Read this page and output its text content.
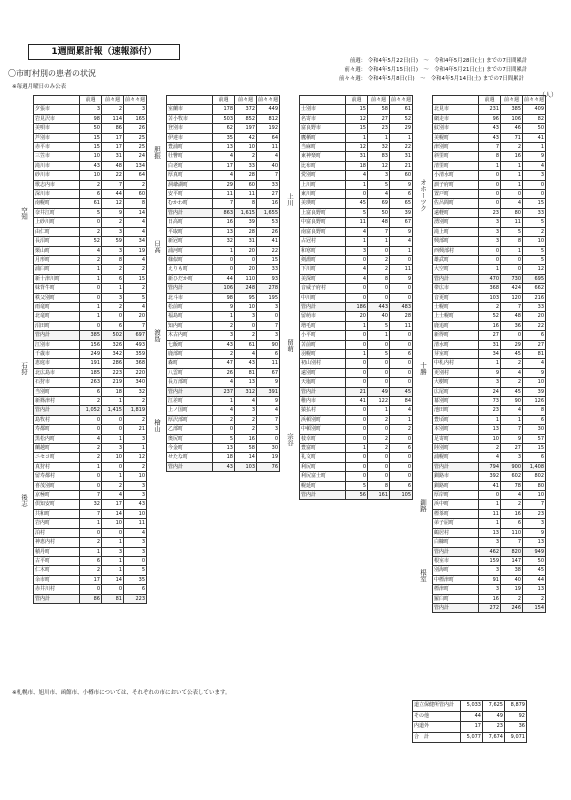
1週間累計報（速報添付）
前週： 令和4年5月22日(日)　～　令和4年5月28日(土) までの7日間累計
前々週： 令和4年5月15日(日)　～　令和4年5月21日(土) までの7日間累計
前々々週： 令和4年5月8日(日)　～　令和4年5月14日(土) までの7日間累計
〇市町村別の患者の状況
※毎週月曜日のみ公表
（人）
	前週	前々週	前々々週
夕張市	3	2	3
岩見沢市	98	114	165
美唄市	50	86	26
芦別市	15	17	25
赤平市	15	17	25
三笠市	10	31	24
滝川市	43	48	134
砂川市	10	22	64
歌志内市	2	7	2
深川市	6	44	60
南幌町	61	12	8
奈井江町	5	9	14
上砂川町	0	2	4
由仁町	2	3	4
長沼町	52	59	34
栗山町	4	3	19
月形町	2	8	4
浦臼町	1	2	2
新十津川町	1	6	15
妹背牛町	0	1	2
秩父別町	0	3	5
雨竜町	1	2	4
北竜町	1	0	20
沼田町	0	6	7
管内計	385	502	697
江別市	156	326	493
千歳市	249	342	359
恵庭市	191	286	368
北広島市	185	223	220
石狩市	263	219	340
当別町	6	18	32
新篠津村	2	1	2
管内計	1,052	1,415	1,819
島牧村	0	0	2
寿都町	0	0	21
黒松内町	4	1	3
蘭越町	2	3	1
ニセコ町	2	10	12
真狩村	1	0	2
留寿都村	0	1	10
喜茂別町	0	2	3
京極町	7	4	3
倶知安町	32	17	43
共和町	7	14	10
岩内町	1	10	11
泊村	0	0	4
神恵内村	2	1	3
積丹町	1	3	3
古平町	6	1	0
仁木町	2	1	5
余市町	17	14	35
赤井川村	0	0	6
管内計	86	81	223
空知
石狩
後志
	前週	前々週	前々々週
室蘭市	178	372	449
苫小牧市	503	852	812
登別市	62	197	192
伊達市	35	42	64
豊浦町	13	10	11
壮瞥町	4	2	4
白老町	17	33	40
厚真町	4	28	7
洞爺湖町	29	60	33
安平町	11	11	27
むかわ町	7	8	16
管内計	863	1,615	1,655
日高町	16	39	53
平取町	13	28	26
新冠町	32	31	41
浦河町	1	20	22
様似町	0	0	15
えりも町	0	20	33
新ひだか町	44	110	93
管内計	106	248	278
北斗市	98	95	195
松前町	9	10	3
福島町	1	3	0
知内町	2	0	7
木古内町	3	2	3
七飯町	43	61	90
鹿部町	2	4	6
森町	47	43	11
八雲町	26	81	67
長万部町	4	13	9
管内計	237	312	391
江差町	1	4	9
上ノ国町	4	3	4
厚沢部町	2	2	7
乙部町	0	2	3
奥尻町	5	16	0
今金町	13	58	30
せたな町	18	14	19
管内計	43	103	76
胆振
日高
渡島
檜山
	前週	前々週	前々々週
士別市	15	58	61
名寄市	12	27	52
富良野市	15	23	29
鷹栖町	1	1	1
当麻町	12	32	22
東神楽町	31	83	31
比布町	18	12	21
愛別町	4	3	60
上川町	1	5	9
東川町	0	4	6
美瑛町	45	69	65
上富良野町	5	50	39
中富良野町	11	48	67
南富良野町	4	7	9
占冠村	1	1	4
和寒町	3	0	1
剣淵町	0	2	0
下川町	4	2	11
美深町	4	8	9
音威子府村	0	0	0
中川町	0	0	0
管内計	186	443	483
留萌市	20	40	28
増毛町	1	5	11
小平町	0	1	0
苫前町	0	0	0
羽幌町	1	5	6
初山別村	0	0	0
遠別町	0	0	0
天塩町	0	0	0
管内計	21	49	45
稚内市	41	122	84
猿払村	0	1	4
浜頓別町	0	2	1
中頓別町	0	0	2
枝幸町	0	2	0
豊富町	1	2	6
礼文町	0	0	0
利尻町	0	0	0
利尻富士町	0	0	0
幌延町	5	8	6
管内計	56	161	105
上川
留萌
宗谷
	前週	前々週	前々々週
北見市	231	385	409
網走市	96	106	82
紋別市	43	46	50
美幌町	43	71	41
津別町	7	2	1
斜里町	8	16	9
清里町	1	1	4
小清水町	0	1	3
訓子府町	0	1	0
置戸町	0	0	0
佐呂間町	0	4	15
遠軽町	23	80	33
湧別町	3	11	5
滝上町	3	5	2
興部町	3	8	10
西興部村	0	1	5
雄武町	0	0	5
大空町	1	0	12
管内計	470	730	695
帯広市	368	424	662
音更町	103	120	216
士幌町	2	7	33
上士幌町	52	48	20
鹿追町	16	36	22
新得町	27	0	6
清水町	31	29	27
芽室町	34	45	81
中札内村	1	2	4
更別村	9	4	9
大樹町	3	2	10
広尾町	24	45	39
幕別町	73	90	126
池田町	23	4	8
豊頃町	1	1	6
本別町	13	7	30
足寄町	10	9	57
陸別町	2	27	15
浦幌町	4	3	6
管内計	794	900	1,408
釧路市	392	602	802
釧路町	41	78	80
厚岸町	0	4	10
浜中町	1	2	7
標茶町	11	16	23
弟子屈町	1	6	3
鶴居村	13	110	9
白糠町	3	7	13
管内計	462	820	949
根室市	159	147	50
別海町	3	38	45
中標津町	91	40	44
標津町	3	19	13
羅臼町	16	2	2
管内計	272	246	154
オホーツク
十勝
釧路
根室
※札幌市、旭川市、函館市、小樽市については、それぞれの市において公表しています。
道立保健所管内計	5,033	7,625	8,879
その他	44	49	92
内道外	17	23	36
合　計	5,077	7,674	9,071
